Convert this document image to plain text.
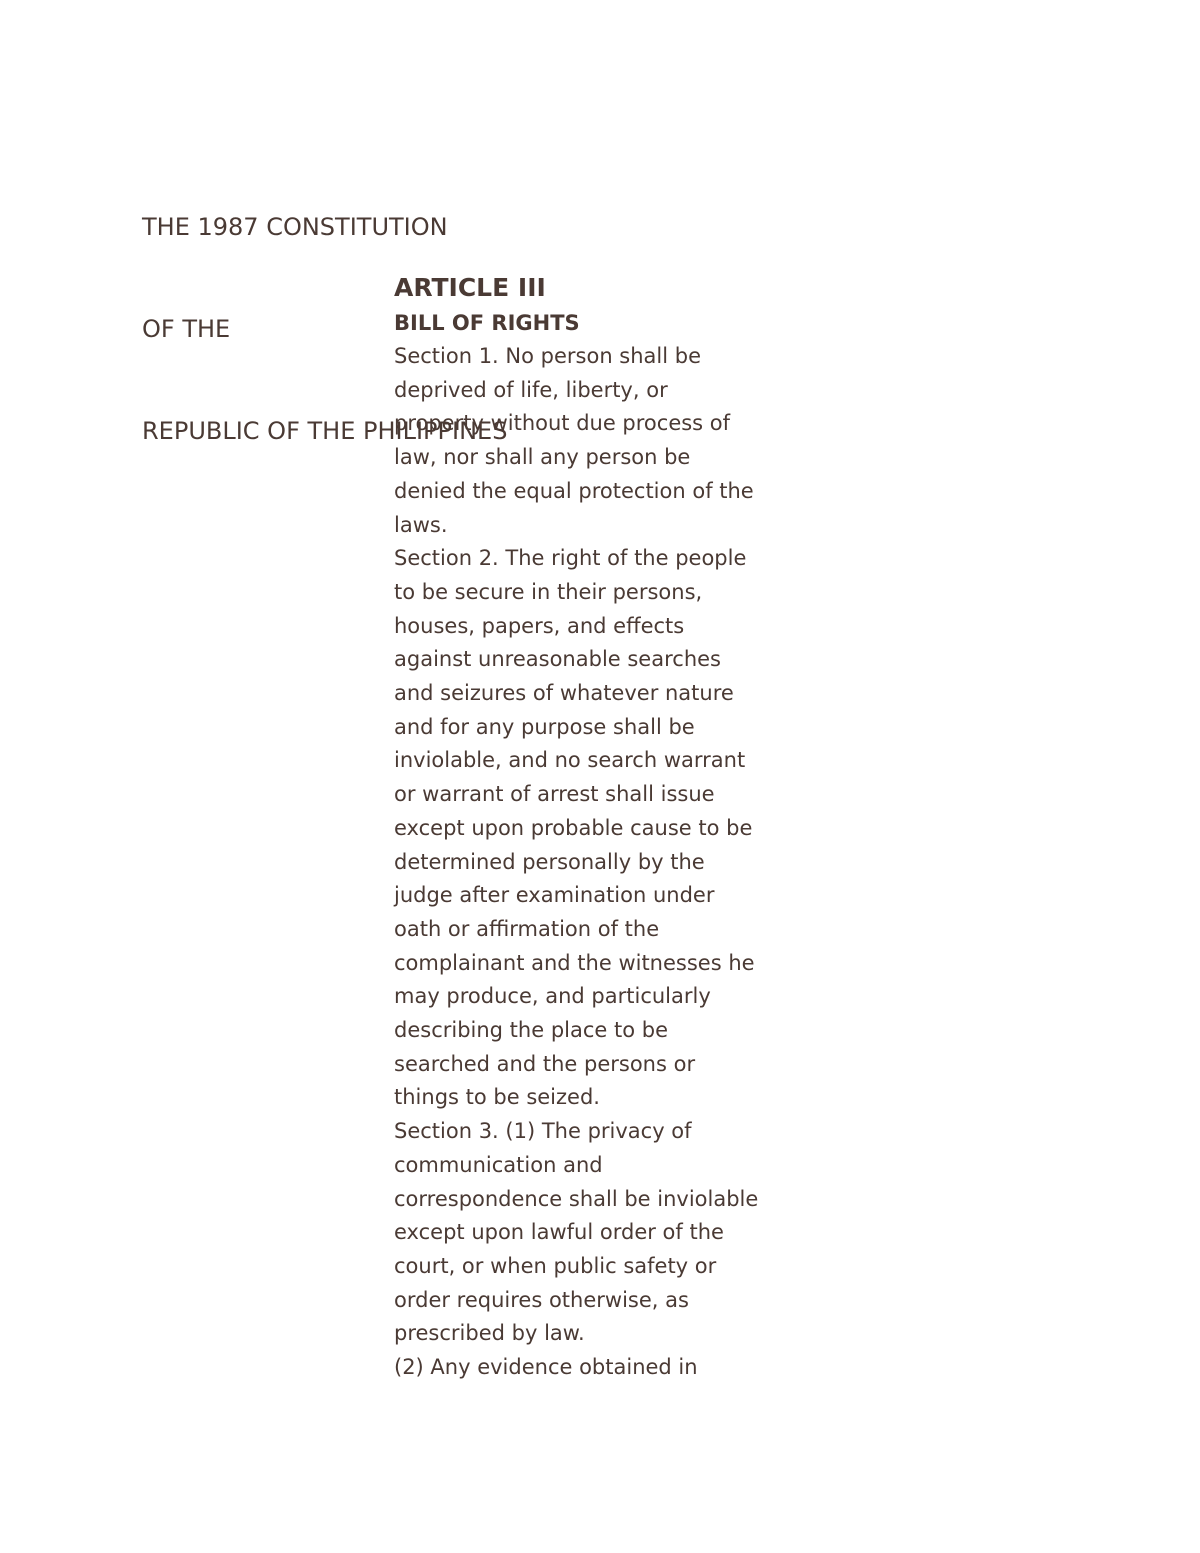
THE 1987 CONSTITUTION

OF THE

REPUBLIC OF THE PHILIPPINES

ARTICLE III
BILL OF RIGHTS
Section 1. No person shall be
deprived of life, liberty, or
property without due process of
law, nor shall any person be
denied the equal protection of the
laws.
Section 2. The right of the people
to be secure in their persons,
houses, papers, and effects
against unreasonable searches
and seizures of whatever nature
and for any purpose shall be
inviolable, and no search warrant
or warrant of arrest shall issue
except upon probable cause to be
determined personally by the
judge after examination under
oath or affirmation of the
complainant and the witnesses he
may produce, and particularly
describing the place to be
searched and the persons or
things to be seized.
Section 3. (1) The privacy of
communication and
correspondence shall be inviolable
except upon lawful order of the
court, or when public safety or
order requires otherwise, as
prescribed by law.
(2) Any evidence obtained in
